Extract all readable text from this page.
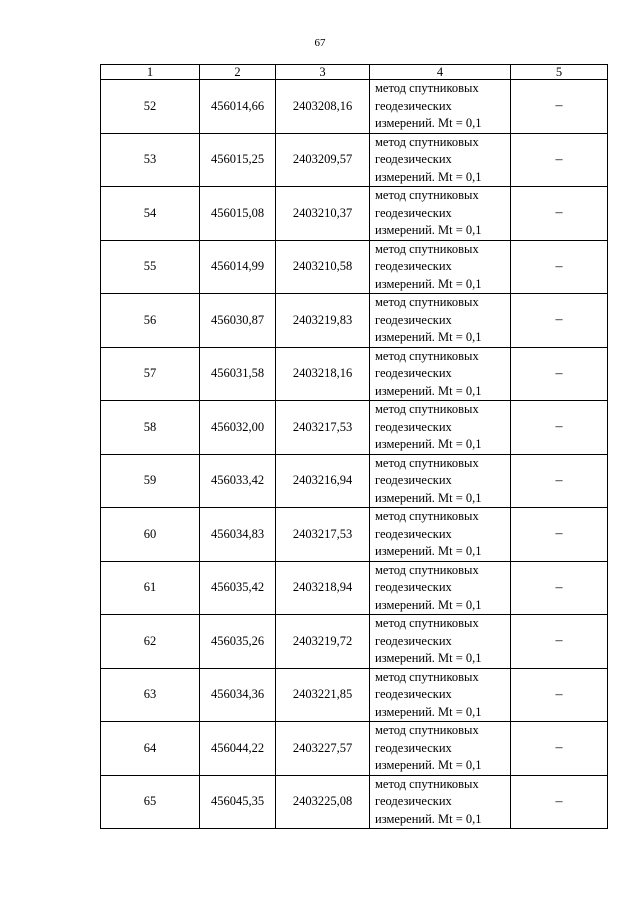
67
1	2	3	4	5
52	456014,66	2403208,16	метод спутниковых
геодезических
измерений. Mt = 0,1	–
53	456015,25	2403209,57	метод спутниковых
геодезических
измерений. Mt = 0,1	–
54	456015,08	2403210,37	метод спутниковых
геодезических
измерений. Mt = 0,1	–
55	456014,99	2403210,58	метод спутниковых
геодезических
измерений. Mt = 0,1	–
56	456030,87	2403219,83	метод спутниковых
геодезических
измерений. Mt = 0,1	–
57	456031,58	2403218,16	метод спутниковых
геодезических
измерений. Mt = 0,1	–
58	456032,00	2403217,53	метод спутниковых
геодезических
измерений. Mt = 0,1	–
59	456033,42	2403216,94	метод спутниковых
геодезических
измерений. Mt = 0,1	–
60	456034,83	2403217,53	метод спутниковых
геодезических
измерений. Mt = 0,1	–
61	456035,42	2403218,94	метод спутниковых
геодезических
измерений. Mt = 0,1	–
62	456035,26	2403219,72	метод спутниковых
геодезических
измерений. Mt = 0,1	–
63	456034,36	2403221,85	метод спутниковых
геодезических
измерений. Mt = 0,1	–
64	456044,22	2403227,57	метод спутниковых
геодезических
измерений. Mt = 0,1	–
65	456045,35	2403225,08	метод спутниковых
геодезических
измерений. Mt = 0,1	–
